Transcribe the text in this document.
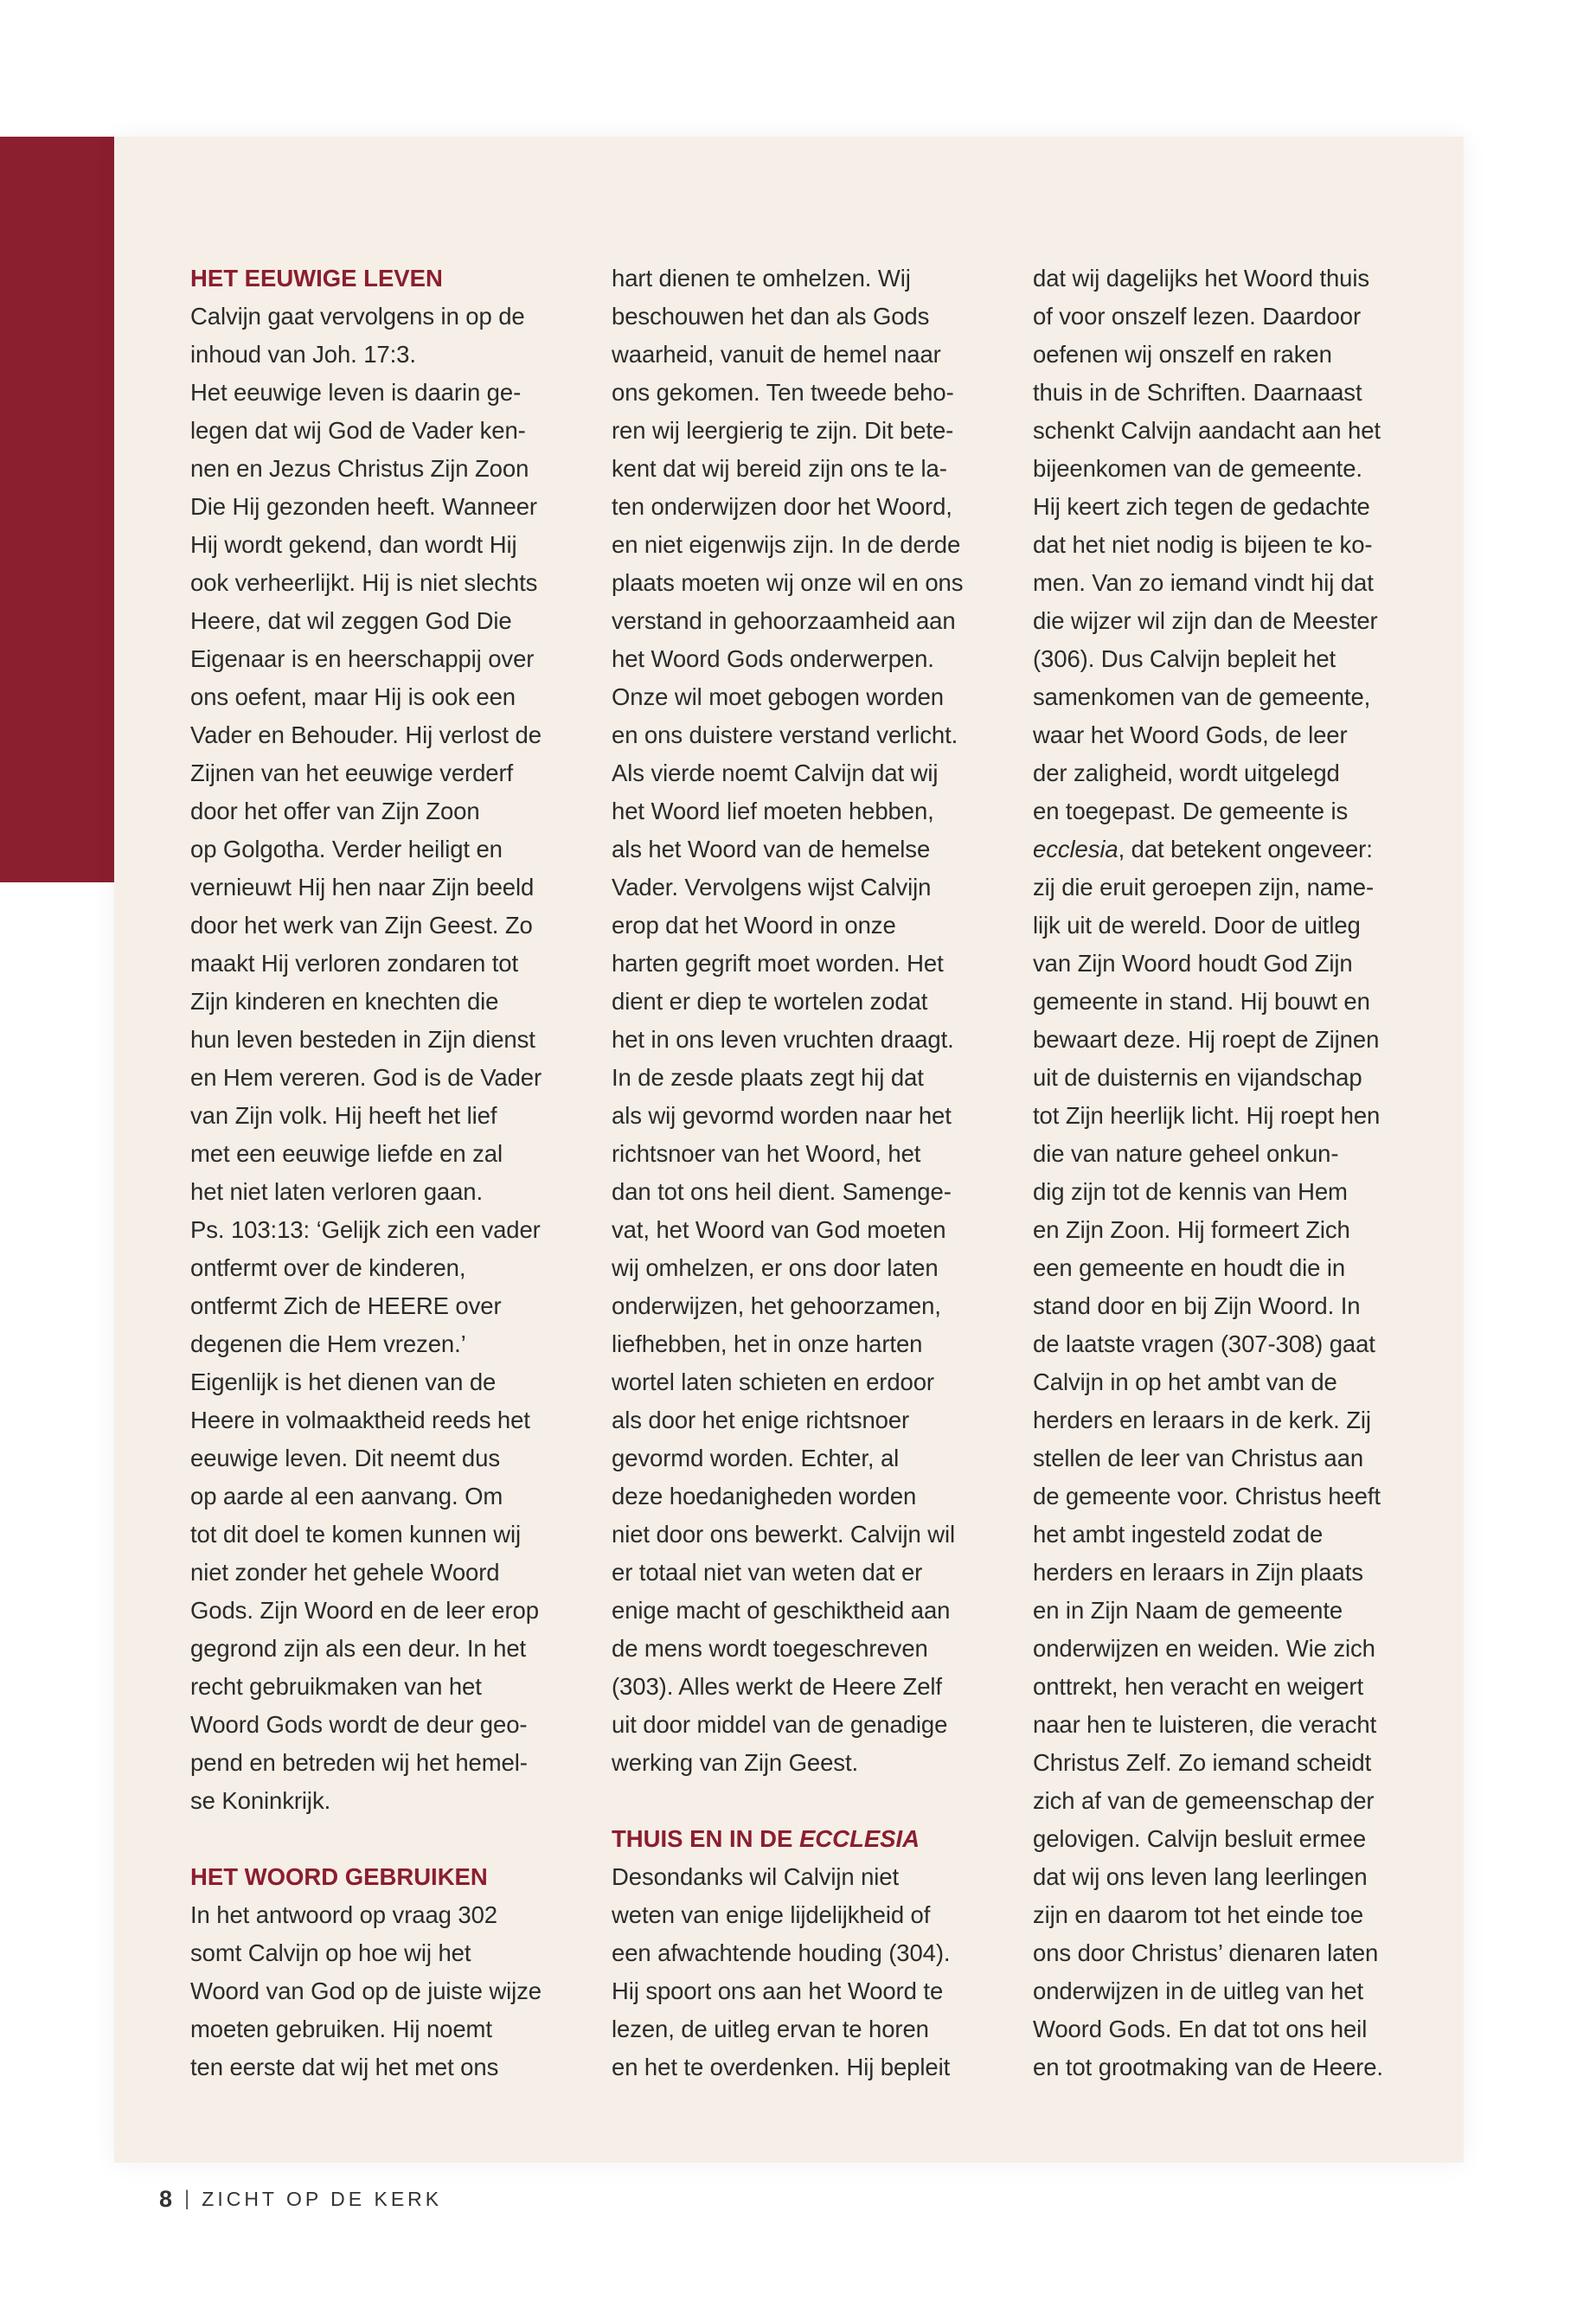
HET EEUWIGE LEVEN

Calvijn gaat vervolgens in op de
inhoud van Joh. 17:3.
Het eeuwige leven is daarin ge-
legen dat wij God de Vader ken-
nen en Jezus Christus Zijn Zoon
Die Hij gezonden heeft. Wanneer
Hij wordt gekend, dan wordt Hij
ook verheerlijkt. Hij is niet slechts
Heere, dat wil zeggen God Die
Eigenaar is en heerschappij over
ons oefent, maar Hij is ook een
Vader en Behouder. Hij verlost de
Zijnen van het eeuwige verderf
door het offer van Zijn Zoon
op Golgotha. Verder heiligt en
vernieuwt Hij hen naar Zijn beeld
door het werk van Zijn Geest. Zo
maakt Hij verloren zondaren tot
Zijn kinderen en knechten die
hun leven besteden in Zijn dienst
en Hem vereren. God is de Vader
van Zijn volk. Hij heeft het lief
met een eeuwige liefde en zal
het niet laten verloren gaan.
Ps. 103:13: ‘Gelijk zich een vader
ontfermt over de kinderen,
ontfermt Zich de HEERE over
degenen die Hem vrezen.’
Eigenlijk is het dienen van de
Heere in volmaaktheid reeds het
eeuwige leven. Dit neemt dus
op aarde al een aanvang. Om
tot dit doel te komen kunnen wij
niet zonder het gehele Woord
Gods. Zijn Woord en de leer erop
gegrond zijn als een deur. In het
recht gebruikmaken van het
Woord Gods wordt de deur geo-
pend en betreden wij het hemel-
se Koninkrijk.

HET WOORD GEBRUIKEN

In het antwoord op vraag 302
somt Calvijn op hoe wij het
Woord van God op de juiste wijze
moeten gebruiken. Hij noemt
ten eerste dat wij het met ons

hart dienen te omhelzen. Wij
beschouwen het dan als Gods
waarheid, vanuit de hemel naar
ons gekomen. Ten tweede beho-
ren wij leergierig te zijn. Dit bete-
kent dat wij bereid zijn ons te la-
ten onderwijzen door het Woord,
en niet eigenwijs zijn. In de derde
plaats moeten wij onze wil en ons
verstand in gehoorzaamheid aan
het Woord Gods onderwerpen.
Onze wil moet gebogen worden
en ons duistere verstand verlicht.
Als vierde noemt Calvijn dat wij
het Woord lief moeten hebben,
als het Woord van de hemelse
Vader. Vervolgens wijst Calvijn
erop dat het Woord in onze
harten gegrift moet worden. Het
dient er diep te wortelen zodat
het in ons leven vruchten draagt.
In de zesde plaats zegt hij dat
als wij gevormd worden naar het
richtsnoer van het Woord, het
dan tot ons heil dient. Samenge-
vat, het Woord van God moeten
wij omhelzen, er ons door laten
onderwijzen, het gehoorzamen,
liefhebben, het in onze harten
wortel laten schieten en erdoor
als door het enige richtsnoer
gevormd worden. Echter, al
deze hoedanigheden worden
niet door ons bewerkt. Calvijn wil
er totaal niet van weten dat er
enige macht of geschiktheid aan
de mens wordt toegeschreven
(303). Alles werkt de Heere Zelf
uit door middel van de genadige
werking van Zijn Geest.

THUIS EN IN DE ECCLESIA

Desondanks wil Calvijn niet
weten van enige lijdelijkheid of
een afwachtende houding (304).
Hij spoort ons aan het Woord te
lezen, de uitleg ervan te horen
en het te overdenken. Hij bepleit

dat wij dagelijks het Woord thuis
of voor onszelf lezen. Daardoor
oefenen wij onszelf en raken
thuis in de Schriften. Daarnaast
schenkt Calvijn aandacht aan het
bijeenkomen van de gemeente.
Hij keert zich tegen de gedachte
dat het niet nodig is bijeen te ko-
men. Van zo iemand vindt hij dat
die wijzer wil zijn dan de Meester
(306). Dus Calvijn bepleit het
samenkomen van de gemeente,
waar het Woord Gods, de leer
der zaligheid, wordt uitgelegd
en toegepast. De gemeente is

ecclesia, dat betekent ongeveer:

zij die eruit geroepen zijn, name-
lijk uit de wereld. Door de uitleg
van Zijn Woord houdt God Zijn
gemeente in stand. Hij bouwt en
bewaart deze. Hij roept de Zijnen
uit de duisternis en vijandschap
tot Zijn heerlijk licht. Hij roept hen
die van nature geheel onkun-
dig zijn tot de kennis van Hem
en Zijn Zoon. Hij formeert Zich
een gemeente en houdt die in
stand door en bij Zijn Woord. In
de laatste vragen (307-308) gaat
Calvijn in op het ambt van de
herders en leraars in de kerk. Zij
stellen de leer van Christus aan
de gemeente voor. Christus heeft
het ambt ingesteld zodat de
herders en leraars in Zijn plaats
en in Zijn Naam de gemeente
onderwijzen en weiden. Wie zich
onttrekt, hen veracht en weigert
naar hen te luisteren, die veracht
Christus Zelf. Zo iemand scheidt
zich af van de gemeenschap der
gelovigen. Calvijn besluit ermee
dat wij ons leven lang leerlingen
zijn en daarom tot het einde toe
ons door Christus’ dienaren laten
onderwijzen in de uitleg van het
Woord Gods. En dat tot ons heil
en tot grootmaking van de Heere.

8 | ZICHT OP DE KERK
